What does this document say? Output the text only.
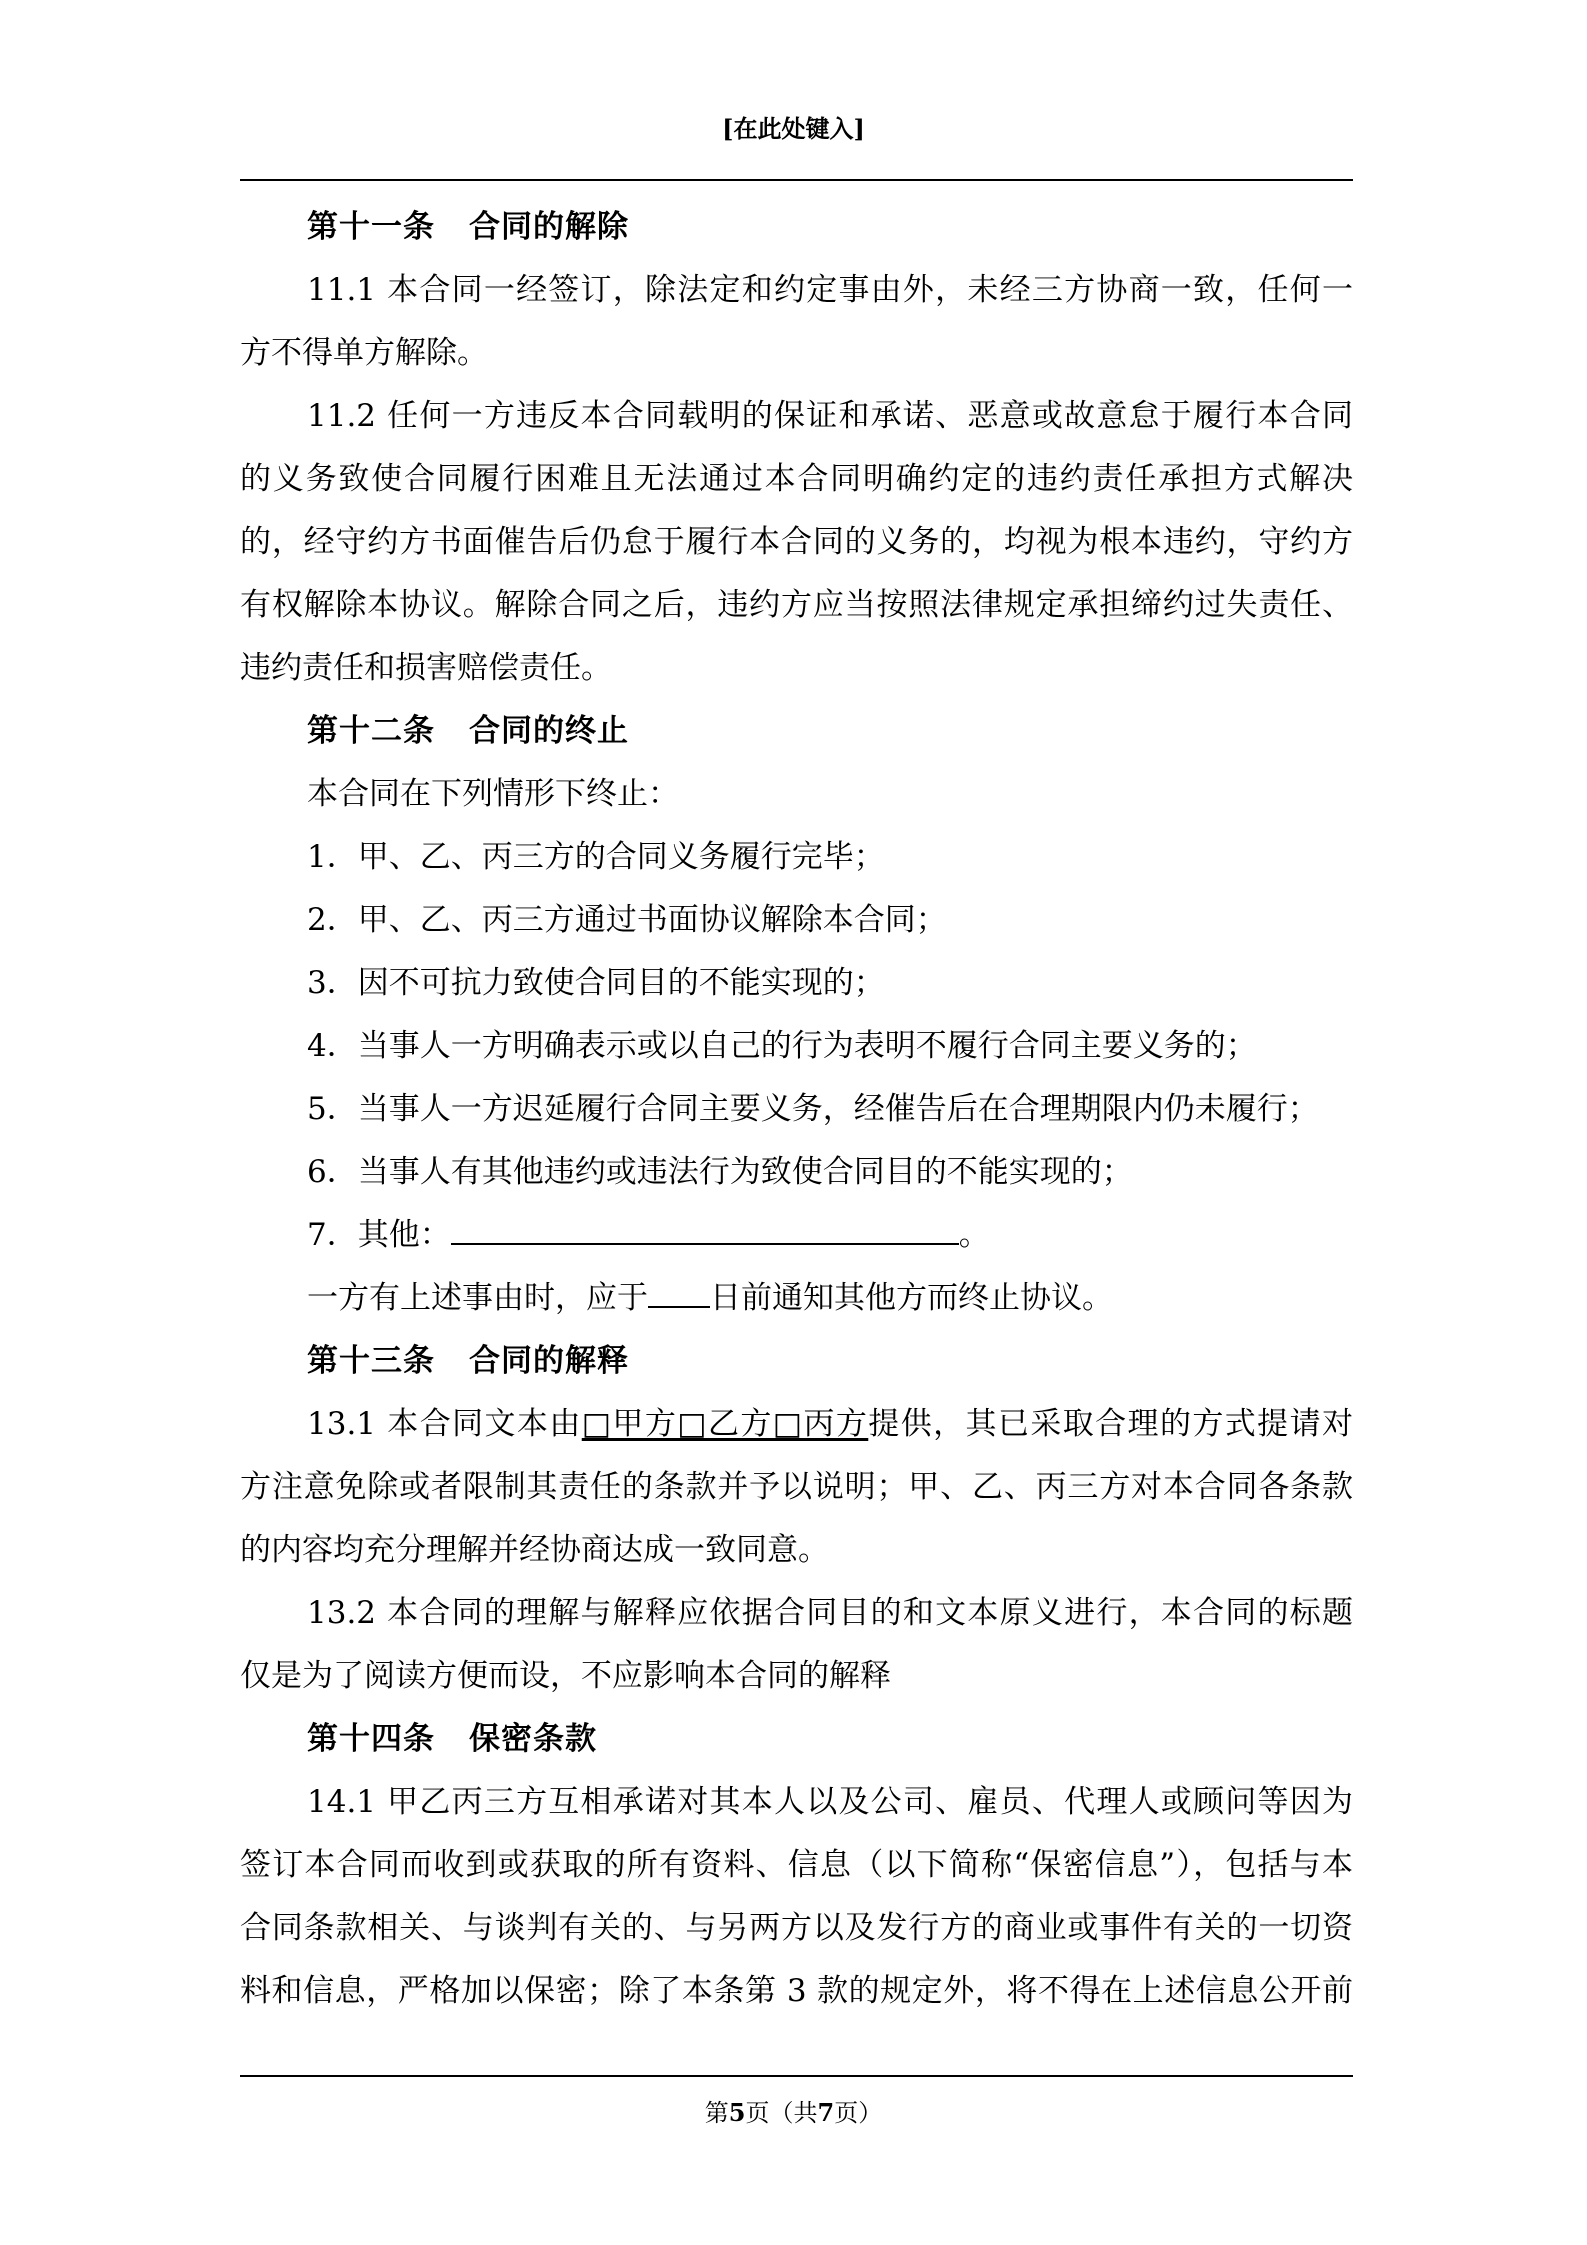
[在此处键入]
第十一条 合同的解除
11.1 本合同一经签订，除法定和约定事由外，未经三方协商一致，任何一
方不得单方解除。
11.2 任何一方违反本合同载明的保证和承诺、恶意或故意怠于履行本合同
的义务致使合同履行困难且无法通过本合同明确约定的违约责任承担方式解决
的，经守约方书面催告后仍怠于履行本合同的义务的，均视为根本违约，守约方
有权解除本协议。解除合同之后，违约方应当按照法律规定承担缔约过失责任、
违约责任和损害赔偿责任。
第十二条 合同的终止
本合同在下列情形下终止：
1．甲、乙、丙三方的合同义务履行完毕；
2．甲、乙、丙三方通过书面协议解除本合同；
3．因不可抗力致使合同目的不能实现的；
4．当事人一方明确表示或以自己的行为表明不履行合同主要义务的；
5．当事人一方迟延履行合同主要义务，经催告后在合理期限内仍未履行；
6．当事人有其他违约或违法行为致使合同目的不能实现的；
7．其他：	。
一方有上述事由时，应于 日前通知其他方而终止协议。
第十三条 合同的解释
13.1 本合同文本由□甲方□乙方□丙方提供，其已采取合理的方式提请对
方注意免除或者限制其责任的条款并予以说明；甲、乙、丙三方对本合同各条款
的内容均充分理解并经协商达成一致同意。
13.2 本合同的理解与解释应依据合同目的和文本原义进行，本合同的标题
仅是为了阅读方便而设，不应影响本合同的解释
第十四条 保密条款
14.1 甲乙丙三方互相承诺对其本人以及公司、雇员、代理人或顾问等因为
签订本合同而收到或获取的所有资料、信息（以下简称“保密信息”），包括与本
合同条款相关、与谈判有关的、与另两方以及发行方的商业或事件有关的一切资
料和信息，严格加以保密；除了本条第 3 款的规定外，将不得在上述信息公开前
第5页（共7页）
